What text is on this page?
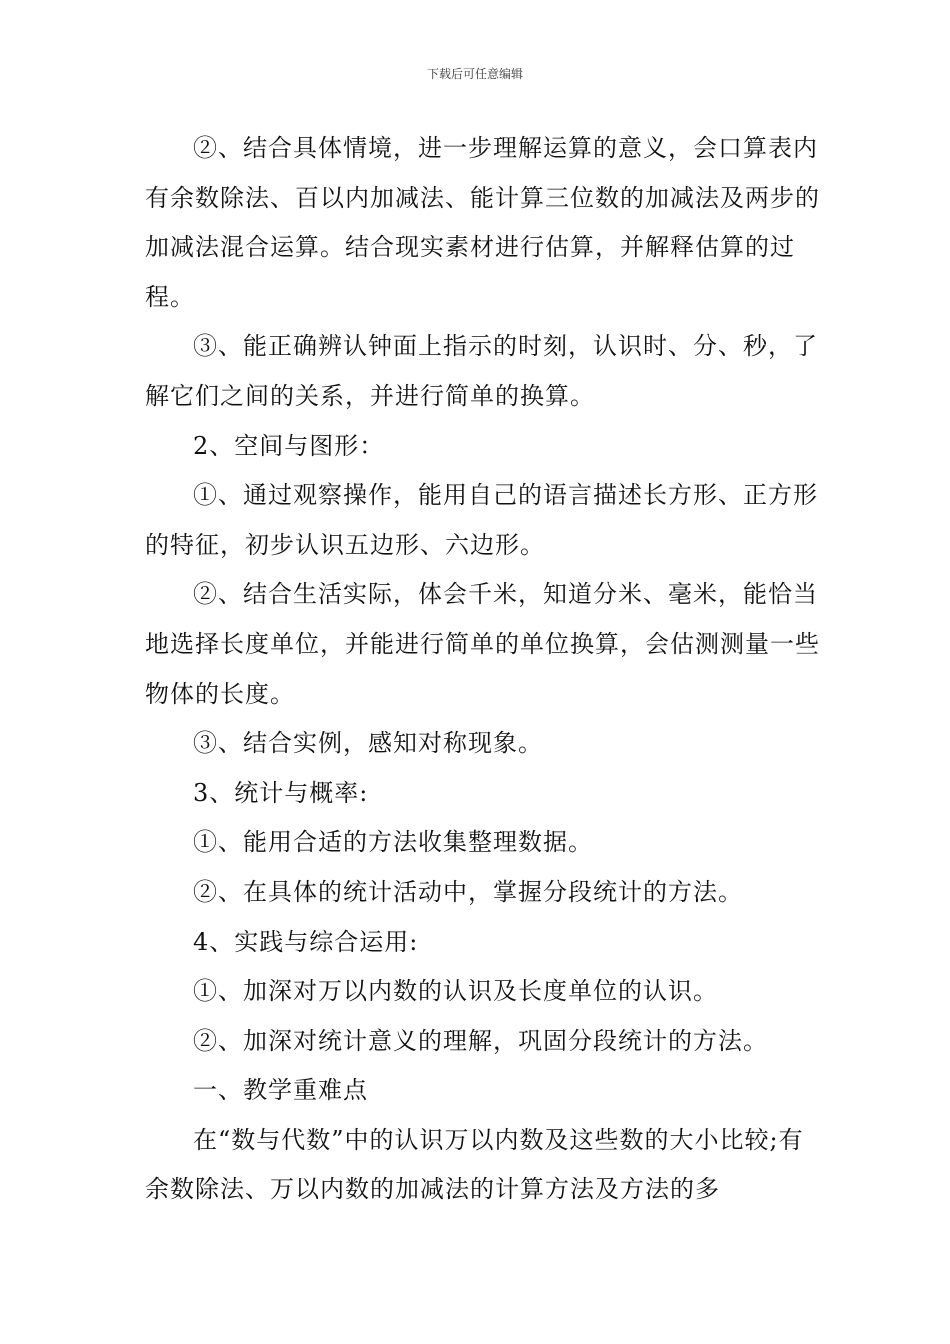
下载后可任意编辑

②、结合具体情境，进一步理解运算的意义，会口算表内有余数除法、百以内加减法、能计算三位数的加减法及两步的加减法混合运算。结合现实素材进行估算，并解释估算的过程。

③、能正确辨认钟面上指示的时刻，认识时、分、秒，了解它们之间的关系，并进行简单的换算。

2、空间与图形：

①、通过观察操作，能用自己的语言描述长方形、正方形的特征，初步认识五边形、六边形。

②、结合生活实际，体会千米，知道分米、毫米，能恰当地选择长度单位，并能进行简单的单位换算，会估测测量一些物体的长度。

③、结合实例，感知对称现象。

3、统计与概率:

①、能用合适的方法收集整理数据。

②、在具体的统计活动中，掌握分段统计的方法。

4、实践与综合运用:

①、加深对万以内数的认识及长度单位的认识。

②、加深对统计意义的理解，巩固分段统计的方法。

一、教学重难点

在“数与代数”中的认识万以内数及这些数的大小比较;有余数除法、万以内数的加减法的计算方法及方法的多
